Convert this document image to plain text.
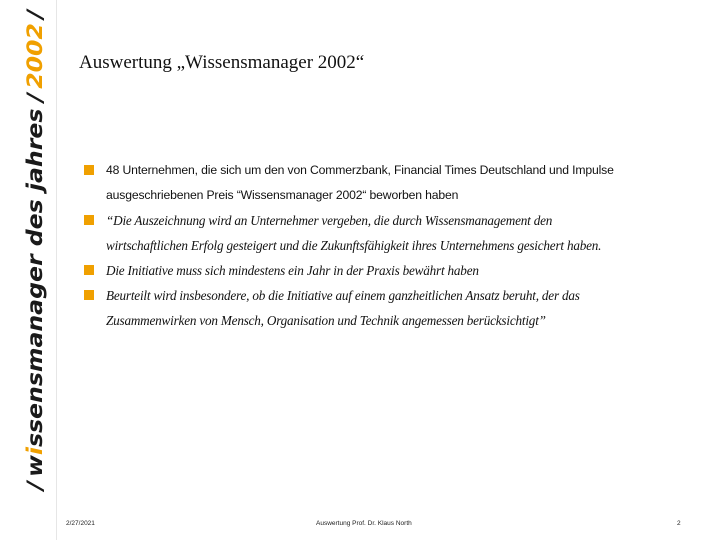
/wissensmanager des jahres/2002/
Auswertung „Wissensmanager 2002“
48 Unternehmen, die sich um den von Commerzbank, Financial Times Deutschland und Impulse
ausgeschriebenen Preis “Wissensmanager 2002“ beworben haben
“Die Auszeichnung wird an Unternehmer vergeben, die durch Wissensmanagement den
wirtschaftlichen Erfolg gesteigert und die Zukunftsfähigkeit ihres Unternehmens gesichert haben.
Die Initiative muss sich mindestens ein Jahr in der Praxis bewährt haben
Beurteilt wird insbesondere, ob die Initiative auf einem ganzheitlichen Ansatz beruht, der das
Zusammenwirken von Mensch, Organisation und Technik angemessen berücksichtigt”
2/27/2021	Auswertung Prof. Dr. Klaus North	2
